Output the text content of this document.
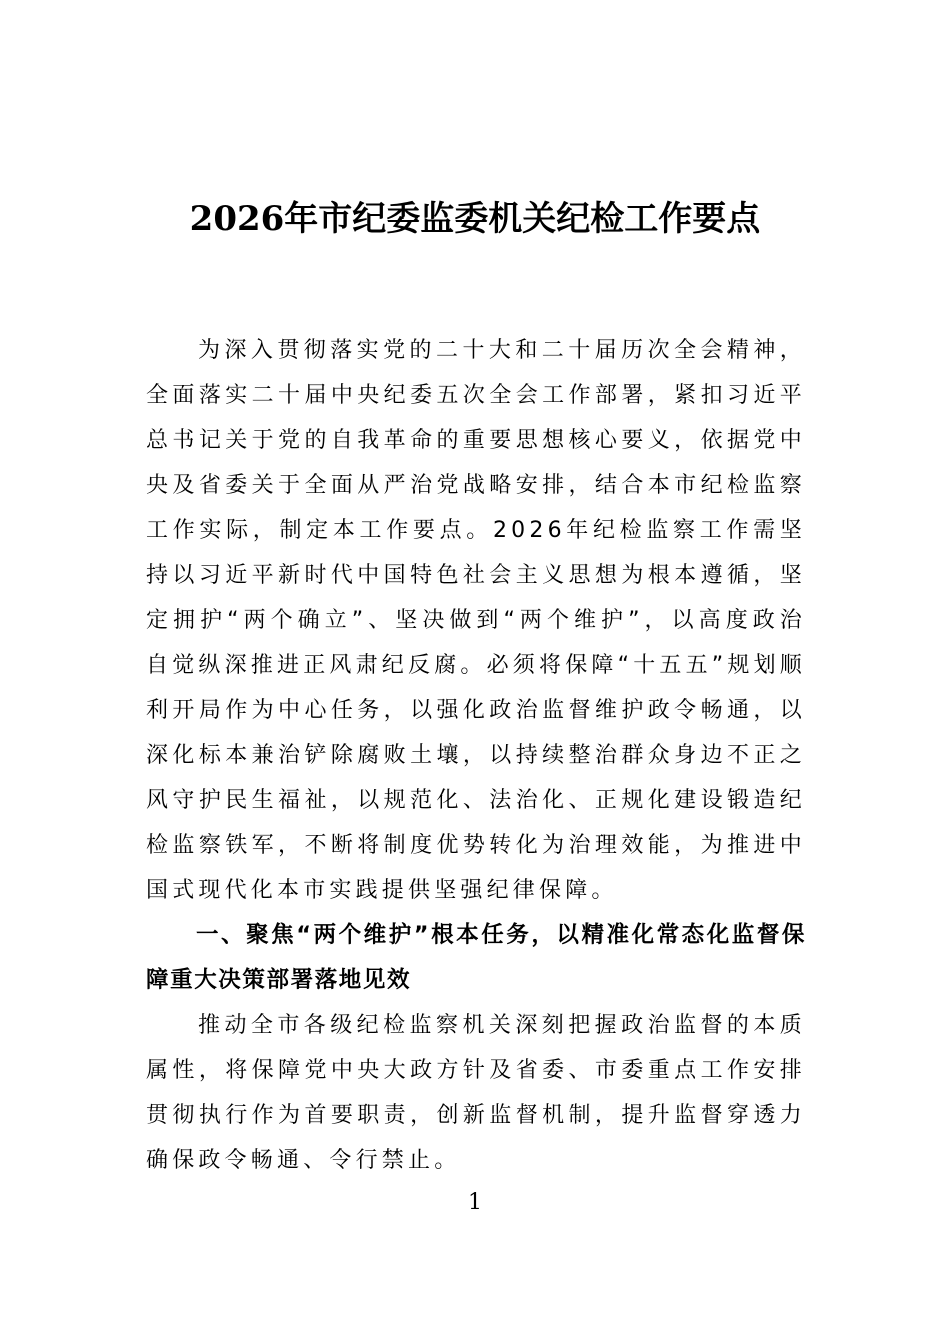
2026年市纪委监委机关纪检工作要点

为深入贯彻落实党的二十大和二十届历次全会精神，全面落实二十届中央纪委五次全会工作部署，紧扣习近平总书记关于党的自我革命的重要思想核心要义，依据党中央及省委关于全面从严治党战略安排，结合本市纪检监察工作实际，制定本工作要点。2026年纪检监察工作需坚持以习近平新时代中国特色社会主义思想为根本遵循，坚定拥护“两个确立”、坚决做到“两个维护”，以高度政治自觉纵深推进正风肃纪反腐。必须将保障“十五五”规划顺利开局作为中心任务，以强化政治监督维护政令畅通，以深化标本兼治铲除腐败土壤，以持续整治群众身边不正之风守护民生福祉，以规范化、法治化、正规化建设锻造纪检监察铁军，不断将制度优势转化为治理效能，为推进中国式现代化本市实践提供坚强纪律保障。

一、聚焦“两个维护”根本任务，以精准化常态化监督保障重大决策部署落地见效

推动全市各级纪检监察机关深刻把握政治监督的本质属性，将保障党中央大政方针及省委、市委重点工作安排贯彻执行作为首要职责，创新监督机制，提升监督穿透力确保政令畅通、令行禁止。

1
